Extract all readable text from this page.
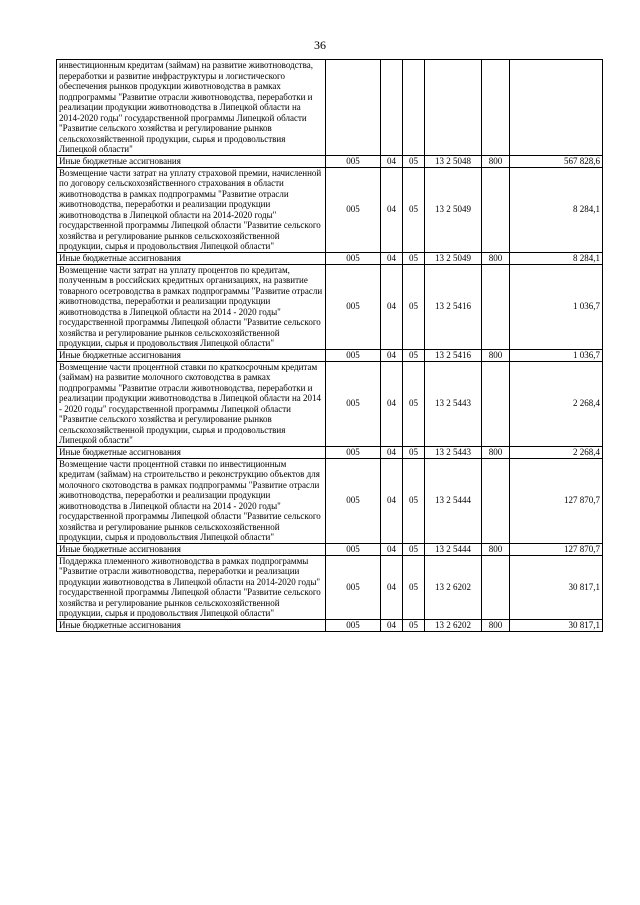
36
инвестиционным кредитам (займам) на развитие животноводства, переработки и развитие инфраструктуры и логистического обеспечения рынков продукции животноводства в рамках подпрограммы "Развитие отрасли животноводства, переработки и реализации продукции животноводства в Липецкой области на 2014-2020 годы" государственной программы Липецкой области "Развитие сельского хозяйства и регулирование рынков сельскохозяйственной продукции, сырья и продовольствия Липецкой области"						
Иные бюджетные ассигнования	005	04	05	13 2 5048	800	567 828,6
Возмещение части затрат на уплату страховой премии, начисленной по договору сельскохозяйственного страхования в области животноводства в рамках подпрограммы "Развитие отрасли животноводства, переработки и реализации продукции животноводства в Липецкой области на 2014-2020 годы" государственной программы Липецкой области "Развитие сельского хозяйства и регулирование рынков сельскохозяйственной продукции, сырья и продовольствия Липецкой области"	005	04	05	13 2 5049		8 284,1
Иные бюджетные ассигнования	005	04	05	13 2 5049	800	8 284,1
Возмещение части затрат на уплату процентов по кредитам, полученным в российских кредитных организациях, на развитие товарного осетроводства в рамках подпрограммы "Развитие отрасли животноводства, переработки и реализации продукции животноводства в Липецкой области на 2014 - 2020 годы" государственной программы Липецкой области "Развитие сельского хозяйства и регулирование рынков сельскохозяйственной продукции, сырья и продовольствия Липецкой области"	005	04	05	13 2 5416		1 036,7
Иные бюджетные ассигнования	005	04	05	13 2 5416	800	1 036,7
Возмещение части процентной ставки по краткосрочным кредитам (займам) на развитие молочного скотоводства в рамках подпрограммы "Развитие отрасли животноводства, переработки и реализации продукции животноводства в Липецкой области на 2014 - 2020 годы" государственной программы Липецкой области "Развитие сельского хозяйства и регулирование рынков сельскохозяйственной продукции, сырья и продовольствия Липецкой области"	005	04	05	13 2 5443		2 268,4
Иные бюджетные ассигнования	005	04	05	13 2 5443	800	2 268,4
Возмещение части процентной ставки по инвестиционным кредитам (займам) на строительство и реконструкцию объектов для молочного скотоводства в рамках подпрограммы "Развитие отрасли животноводства, переработки и реализации продукции животноводства в Липецкой области на 2014 - 2020 годы" государственной программы Липецкой области "Развитие сельского хозяйства и регулирование рынков сельскохозяйственной продукции, сырья и продовольствия Липецкой области"	005	04	05	13 2 5444		127 870,7
Иные бюджетные ассигнования	005	04	05	13 2 5444	800	127 870,7
Поддержка племенного животноводства в рамках подпрограммы "Развитие отрасли животноводства, переработки и реализации продукции животноводства в Липецкой области на 2014-2020 годы" государственной программы Липецкой области "Развитие сельского хозяйства и регулирование рынков сельскохозяйственной продукции, сырья и продовольствия Липецкой области"	005	04	05	13 2 6202		30 817,1
Иные бюджетные ассигнования	005	04	05	13 2 6202	800	30 817,1
